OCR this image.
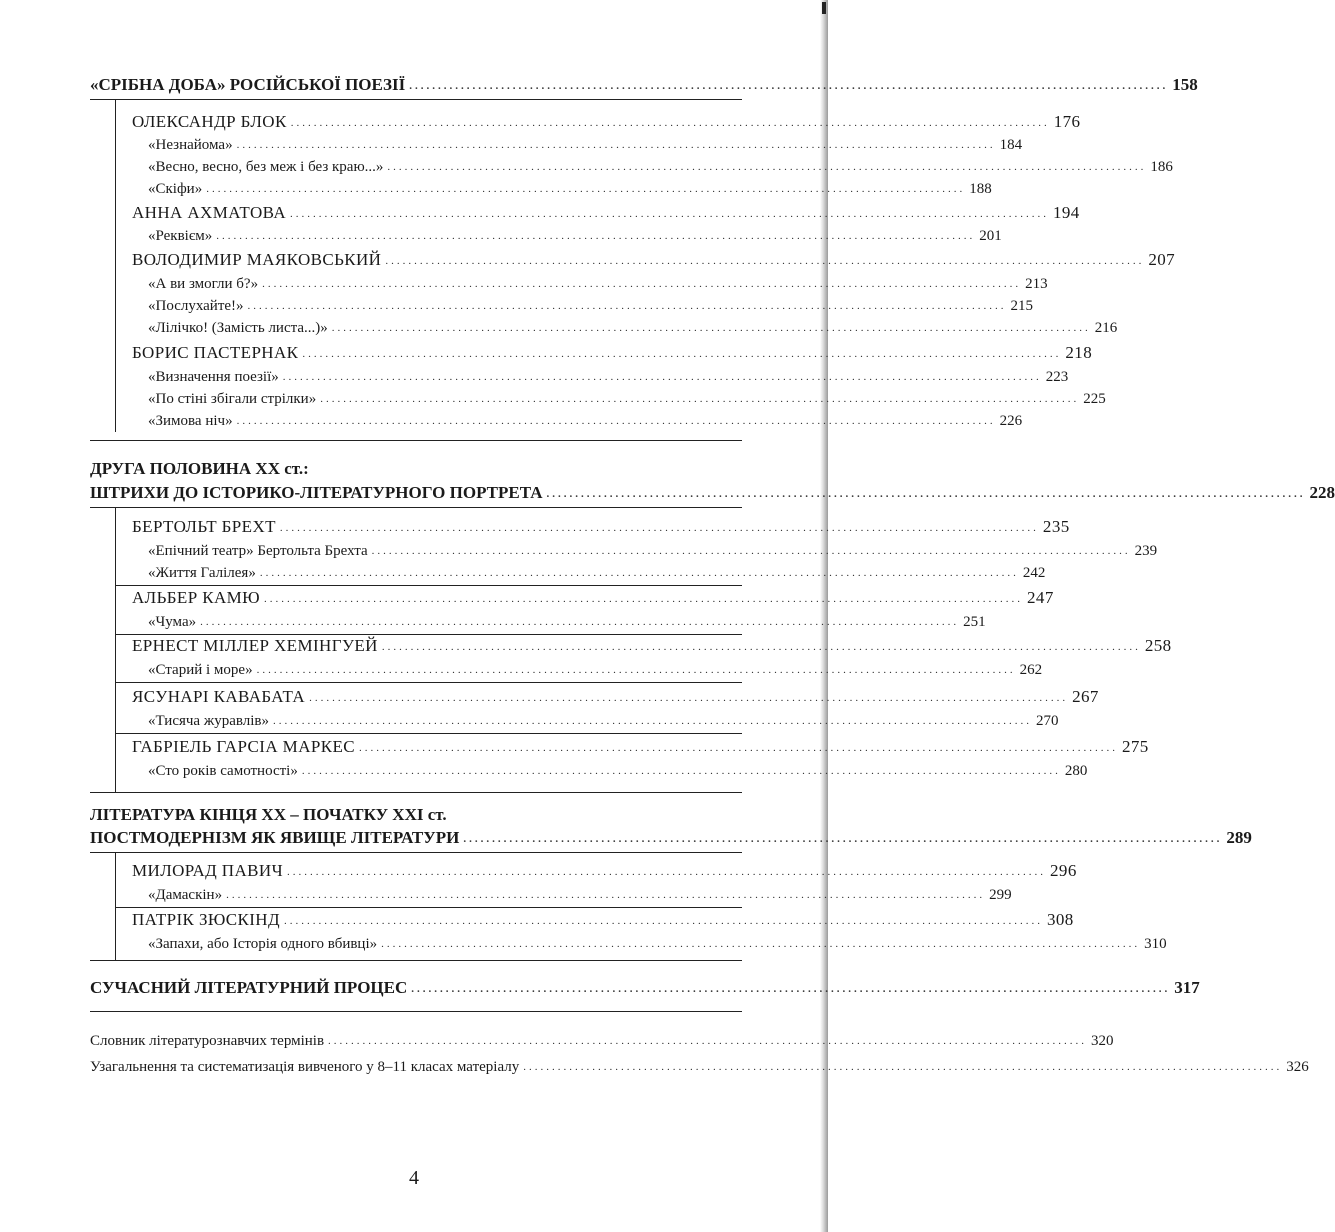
«СРІБНА ДОБА» РОСІЙСЬКОЇ ПОЕЗІЇ .................................................................................................................................... 158
ОЛЕКСАНДР БЛОК .................................................................................................................................... 176
«Незнайома» .................................................................................................................................... 184
«Весно, весно, без меж і без краю...» .................................................................................................................................... 186
«Скіфи» .................................................................................................................................... 188
АННА АХМАТОВА .................................................................................................................................... 194
«Реквієм» .................................................................................................................................... 201
ВОЛОДИМИР МАЯКОВСЬКИЙ .................................................................................................................................... 207
«А ви змогли б?» .................................................................................................................................... 213
«Послухайте!» .................................................................................................................................... 215
«Лілічко! (Замість листа...)» .................................................................................................................................... 216
БОРИС ПАСТЕРНАК .................................................................................................................................... 218
«Визначення поезії» .................................................................................................................................... 223
«По стіні збігали стрілки» .................................................................................................................................... 225
«Зимова ніч» .................................................................................................................................... 226
ДРУГА ПОЛОВИНА XX ст.:
ШТРИХИ ДО ІСТОРИКО-ЛІТЕРАТУРНОГО ПОРТРЕТА .................................................................................................................................... 228
БЕРТОЛЬТ БРЕХТ .................................................................................................................................... 235
«Епічний театр» Бертольта Брехта .................................................................................................................................... 239
«Життя Галілея» .................................................................................................................................... 242
АЛЬБЕР КАМЮ .................................................................................................................................... 247
«Чума» .................................................................................................................................... 251
ЕРНЕСТ МІЛЛЕР ХЕМІНГУЕЙ .................................................................................................................................... 258
«Старий і море» .................................................................................................................................... 262
ЯСУНАРІ КАВАБАТА .................................................................................................................................... 267
«Тисяча журавлів» .................................................................................................................................... 270
ГАБРІЕЛЬ ГАРСІА МАРКЕС .................................................................................................................................... 275
«Сто років самотності» .................................................................................................................................... 280
ЛІТЕРАТУРА КІНЦЯ XX – ПОЧАТКУ XXI ст.
ПОСТМОДЕРНІЗМ ЯК ЯВИЩЕ ЛІТЕРАТУРИ .................................................................................................................................... 289
МИЛОРАД ПАВИЧ .................................................................................................................................... 296
«Дамаскін» .................................................................................................................................... 299
ПАТРІК ЗЮСКІНД .................................................................................................................................... 308
«Запахи, або Історія одного вбивці» .................................................................................................................................... 310
СУЧАСНИЙ ЛІТЕРАТУРНИЙ ПРОЦЕС .................................................................................................................................... 317
Словник літературознавчих термінів .................................................................................................................................... 320
Узагальнення та систематизація вивченого у 8–11 класах матеріалу .................................................................................................................................... 326
4
